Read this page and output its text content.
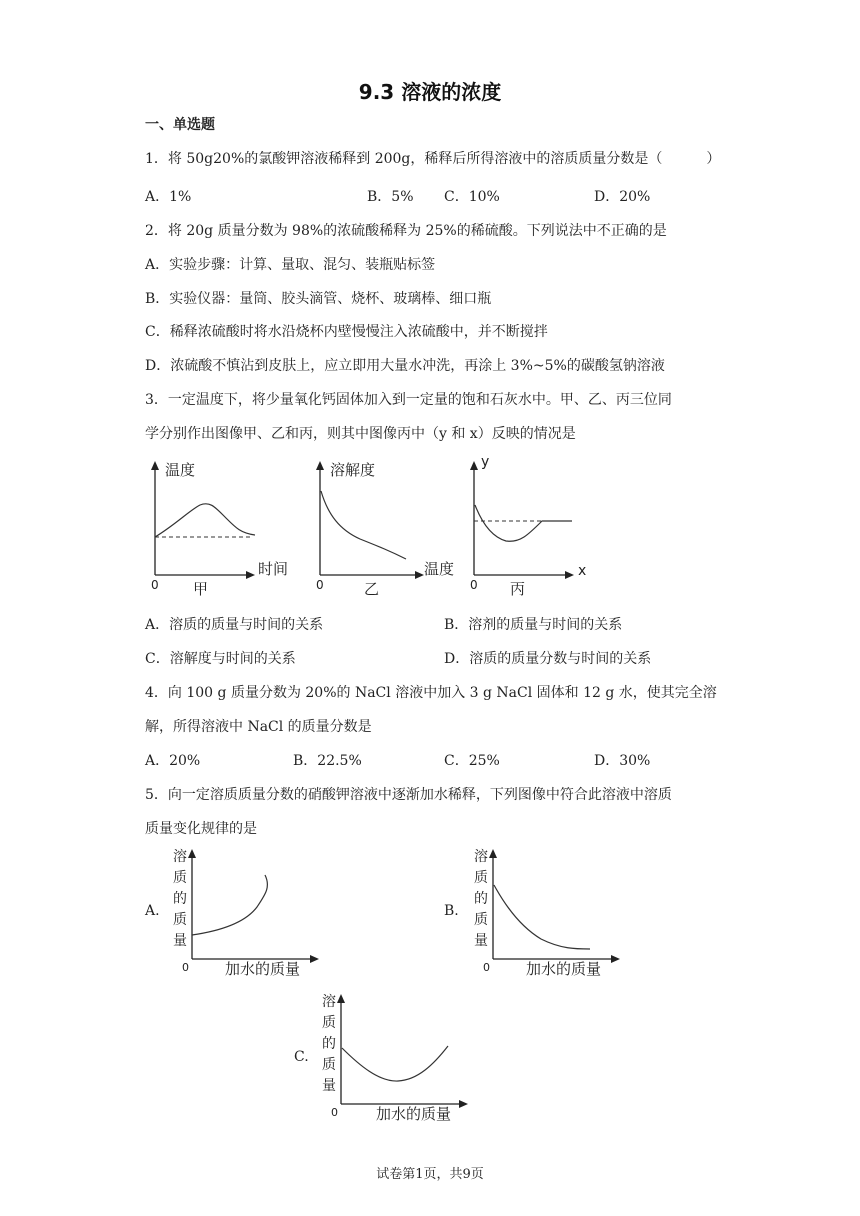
9.3 溶液的浓度
一、单选题
1．将 50g20%的氯酸钾溶液稀释到 200g，稀释后所得溶液中的溶质质量分数是（	）
A．1%	B．5% C．10%	D．20%
2．将 20g 质量分数为 98%的浓硫酸稀释为 25%的稀硫酸。下列说法中不正确的是
A．实验步骤：计算、量取、混匀、装瓶贴标签
B．实验仪器：量筒、胶头滴管、烧杯、玻璃棒、细口瓶
C．稀释浓硫酸时将水沿烧杯内壁慢慢注入浓硫酸中，并不断搅拌
D．浓硫酸不慎沾到皮肤上，应立即用大量水冲洗，再涂上 3%~5%的碳酸氢钠溶液
3．一定温度下，将少量氧化钙固体加入到一定量的饱和石灰水中。甲、乙、丙三位同
学分别作出图像甲、乙和丙，则其中图像丙中（y 和 x）反映的情况是
温度
时间
0 甲
溶解度
温度
0	乙
y
x
0 丙
A．溶质的质量与时间的关系	B．溶剂的质量与时间的关系
C．溶解度与时间的关系	D．溶质的质量分数与时间的关系
4．向 100 g 质量分数为 20%的 NaCl 溶液中加入 3 g NaCl 固体和 12 g 水，使其完全溶
解，所得溶液中 NaCl 的质量分数是
A．20%	B．22.5%	C．25%	D．30%
5．向一定溶质质量分数的硝酸钾溶液中逐渐加水稀释，下列图像中符合此溶液中溶质
质量变化规律的是
A.
溶
质
的
质
量
0 加水的质量
B.
溶
质
的
质
量
0 加水的质量
C.
溶
质
的
质
量
0	加水的质量
试卷第1页，共9页
